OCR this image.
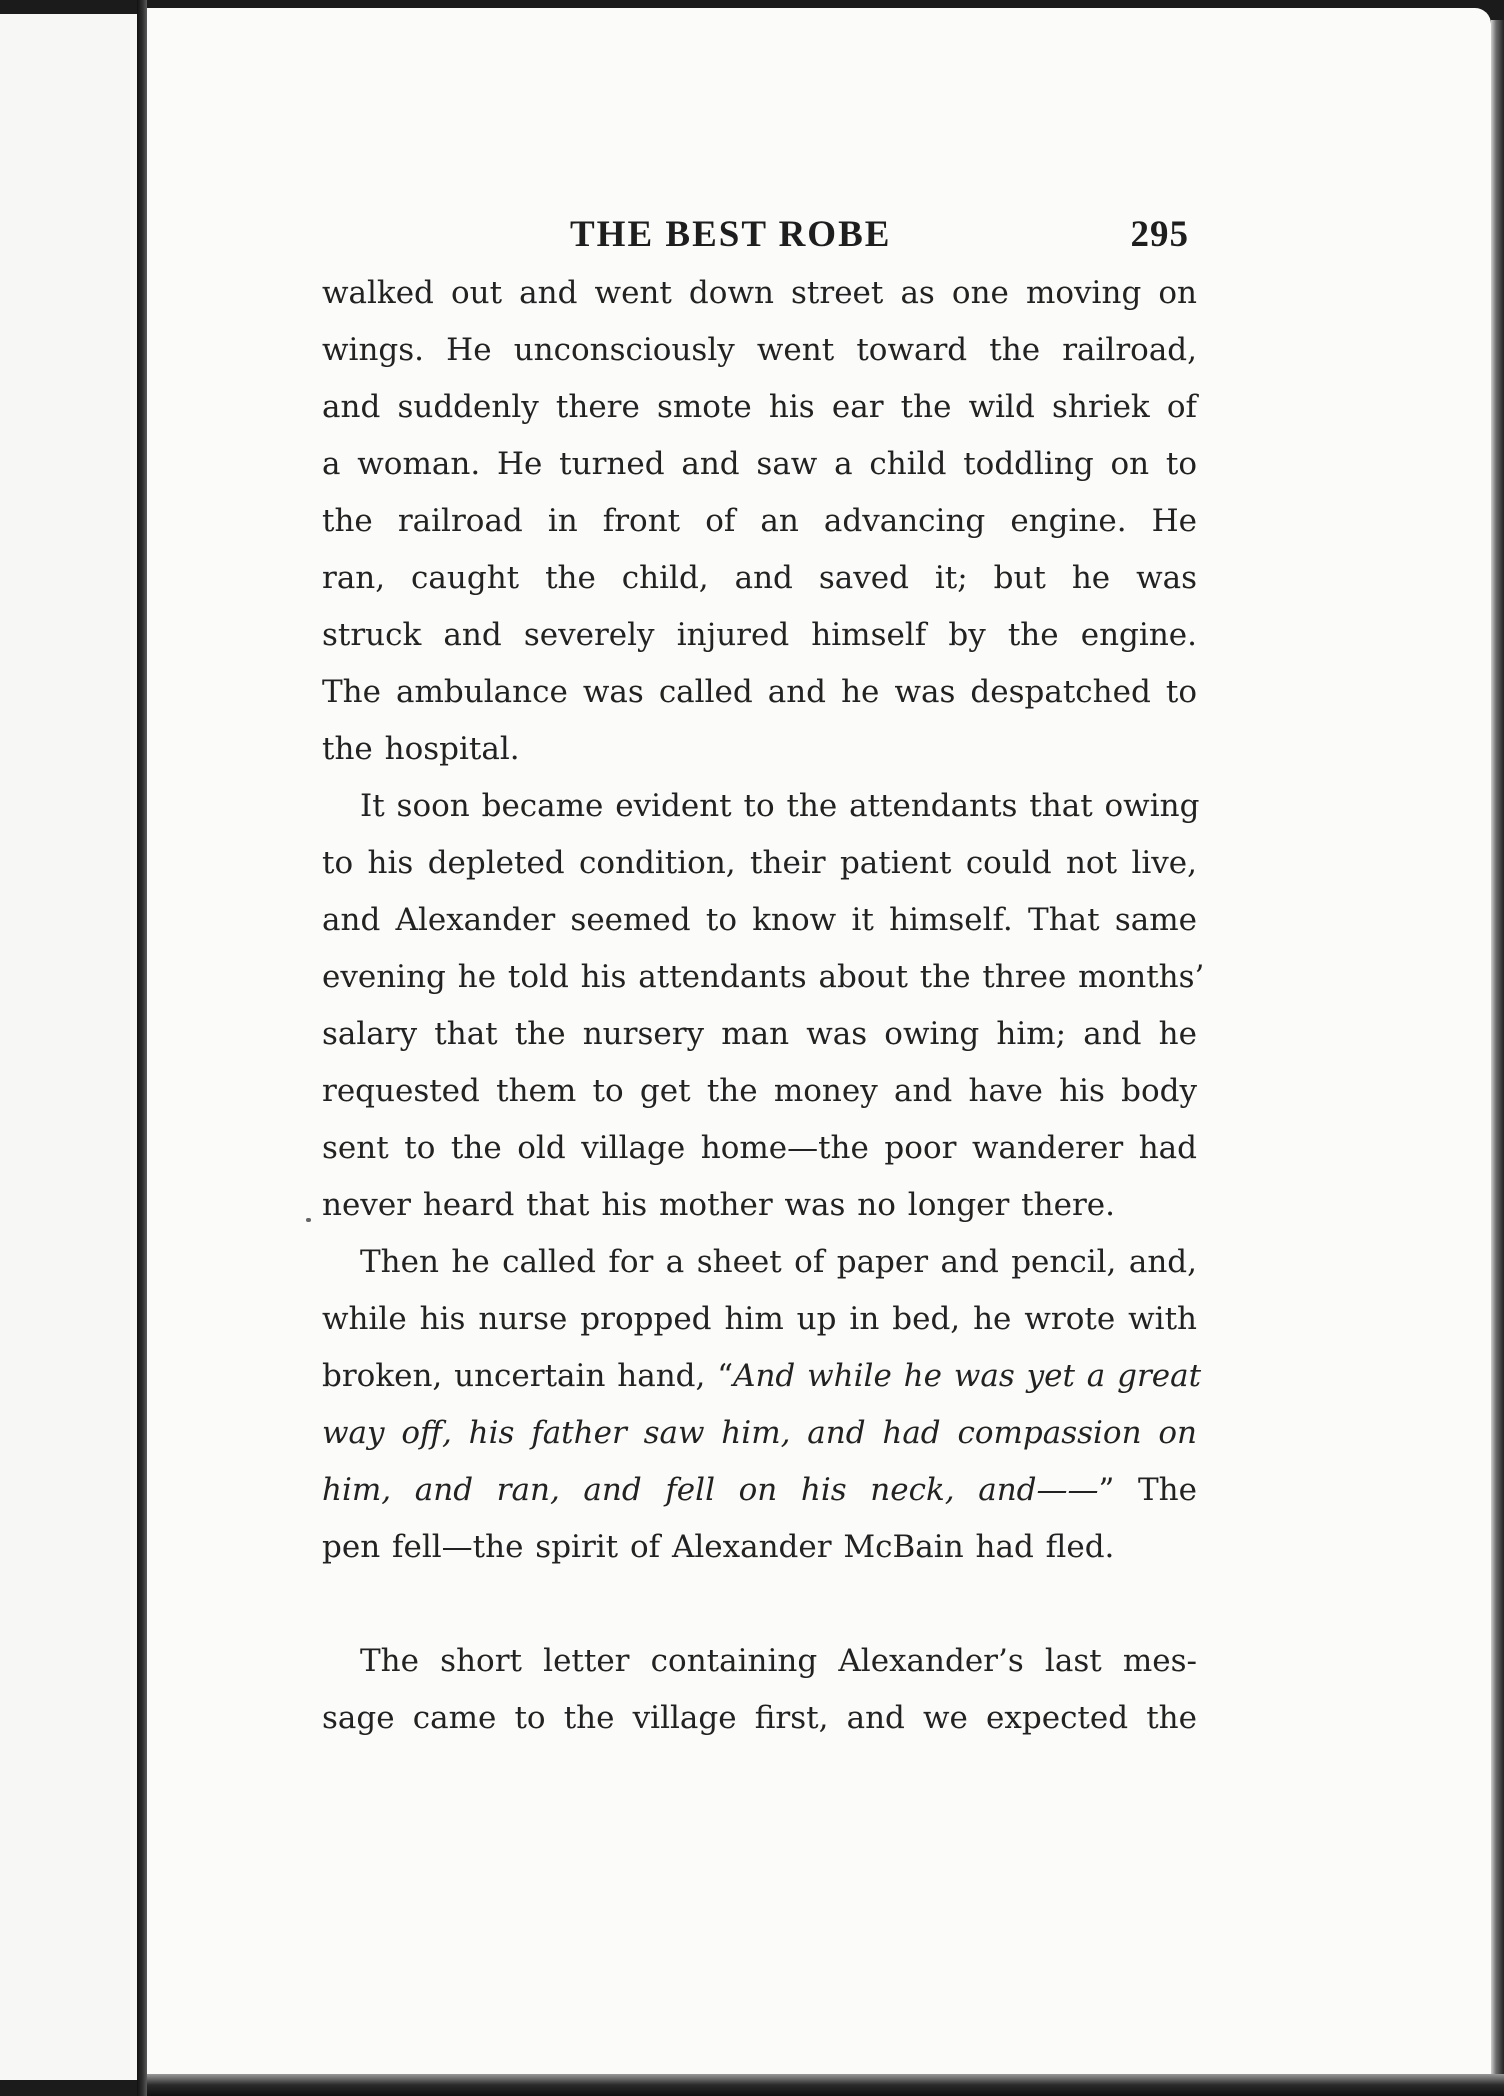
THE BEST ROBE	295
walked out and went down street as one moving on
wings. He unconsciously went toward the railroad,
and suddenly there smote his ear the wild shriek of
a woman. He turned and saw a child toddling on to
the railroad in front of an advancing engine. He
ran, caught the child, and saved it; but he was
struck and severely injured himself by the engine.
The ambulance was called and he was despatched to
the hospital.
It soon became evident to the attendants that owing
to his depleted condition, their patient could not live,
and Alexander seemed to know it himself. That same
evening he told his attendants about the three months’
salary that the nursery man was owing him; and he
requested them to get the money and have his body
sent to the old village home—the poor wanderer had
never heard that his mother was no longer there.
Then he called for a sheet of paper and pencil, and,
while his nurse propped him up in bed, he wrote with
broken, uncertain hand, “And while he was yet a great
way off, his father saw him, and had compassion on
him, and ran, and fell on his neck, and——” The
pen fell—the spirit of Alexander McBain had fled.
The short letter containing Alexander’s last mes-
sage came to the village first, and we expected the
